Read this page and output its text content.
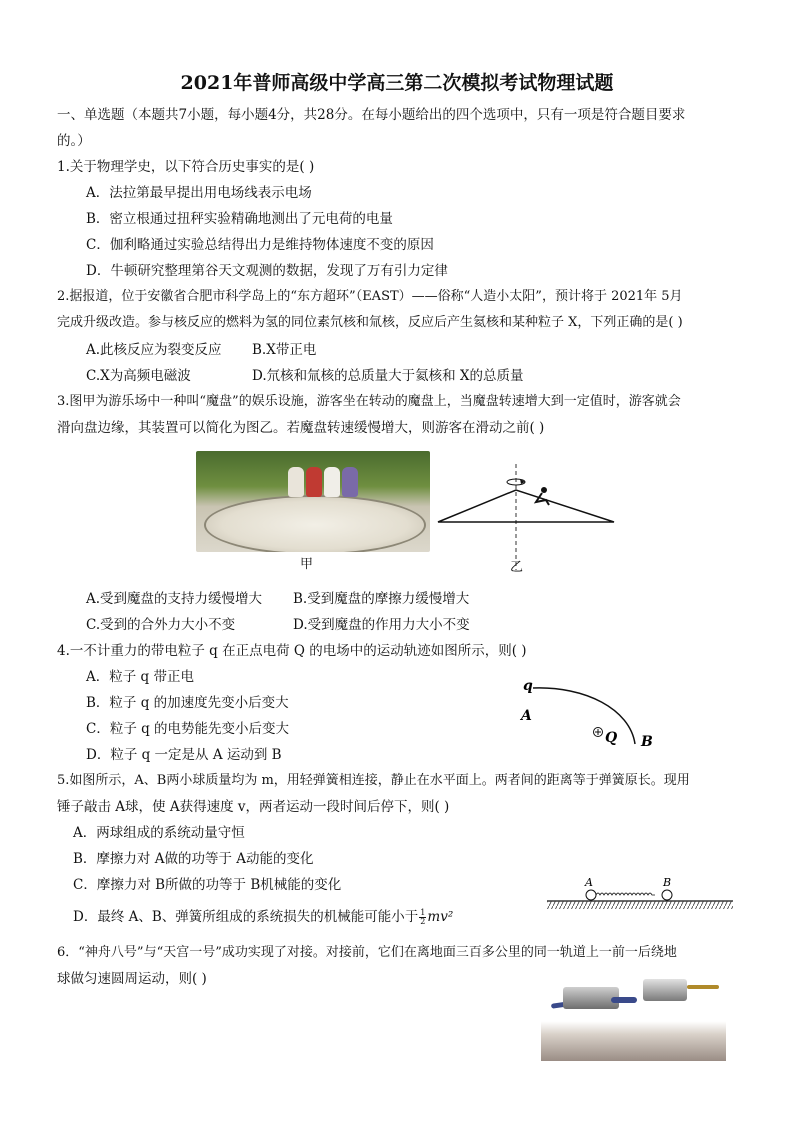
2021年普师高级中学高三第二次模拟考试物理试题
一、单选题（本题共7小题，每小题4分，共28分。在每小题给出的四个选项中，只有一项是符合题目要求
的。）
1.关于物理学史，以下符合历史事实的是( )
A．法拉第最早提出用电场线表示电场
B．密立根通过扭秤实验精确地测出了元电荷的电量
C．伽利略通过实验总结得出力是维持物体速度不变的原因
D．牛顿研究整理第谷天文观测的数据，发现了万有引力定律
2.据报道，位于安徽省合肥市科学岛上的“东方超环”（EAST）——俗称“人造小太阳”，预计将于 2021年 5月
完成升级改造。参与核反应的燃料为氢的同位素氘核和氚核，反应后产生氦核和某种粒子 X，下列正确的是( )
A.此核反应为裂变反应 B.X带正电
C.X为高频电磁波	D.氘核和氚核的总质量大于氦核和 X的总质量
3.图甲为游乐场中一种叫“魔盘”的娱乐设施，游客坐在转动的魔盘上，当魔盘转速增大到一定值时，游客就会
滑向盘边缘，其装置可以简化为图乙。若魔盘转速缓慢增大，则游客在滑动之前( )
甲	乙
A.受到魔盘的支持力缓慢增大 B.受到魔盘的摩擦力缓慢增大
C.受到的合外力大小不变	D.受到魔盘的作用力大小不变
4.一不计重力的带电粒子 q 在正点电荷 Q 的电场中的运动轨迹如图所示，则( )
A．粒子 q 带正电
B．粒子 q 的加速度先变小后变大
C．粒子 q 的电势能先变小后变大
D．粒子 q 一定是从 A 运动到 B
q
A
Q B
5.如图所示，A、B两小球质量均为 m，用轻弹簧相连接，静止在水平面上。两者间的距离等于弹簧原长。现用
锤子敲击 A球，使 A获得速度 v，两者运动一段时间后停下，则( )
A．两球组成的系统动量守恒
B．摩擦力对 A做的功等于 A动能的变化
C．摩擦力对 B所做的功等于 B机械能的变化
D．最终 A、B、弹簧所组成的系统损失的机械能可能小于 $\frac{1}{2} mv^2$
A	B
6．“神舟八号”与“天宫一号”成功实现了对接。对接前，它们在离地面三百多公里的同一轨道上一前一后绕地
球做匀速圆周运动，则( )
